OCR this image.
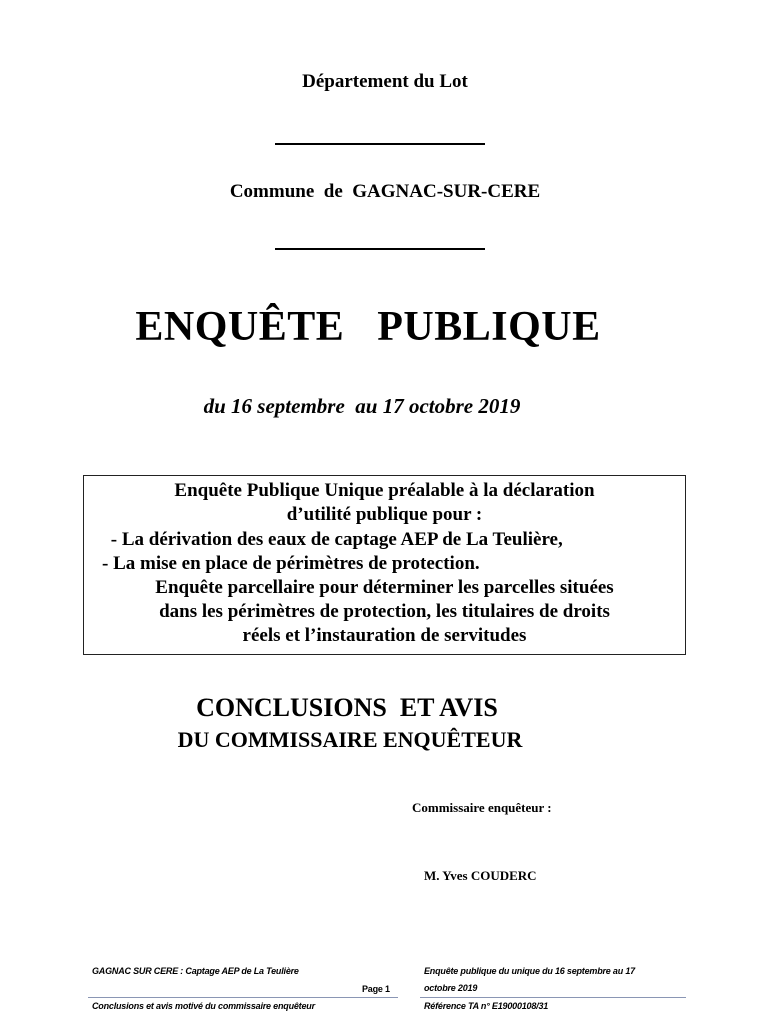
Département du Lot
Commune  de  GAGNAC-SUR-CERE
ENQUÊTE   PUBLIQUE
du 16 septembre  au 17 octobre 2019
Enquête Publique Unique préalable à la déclaration
d’utilité publique pour :
- La dérivation des eaux de captage AEP de La Teulière,
- La mise en place de périmètres de protection.
Enquête parcellaire pour déterminer les parcelles situées
dans les périmètres de protection, les titulaires de droits
réels et l’instauration de servitudes
CONCLUSIONS  ET AVIS
DU COMMISSAIRE ENQUÊTEUR
Commissaire enquêteur :
M. Yves COUDERC
GAGNAC SUR CERE : Captage AEP de La Teulière
Conclusions et avis motivé du commissaire enquêteur
Page 1
Enquête publique du unique du 16 septembre au 17
octobre 2019
Référence TA n° E19000108/31
